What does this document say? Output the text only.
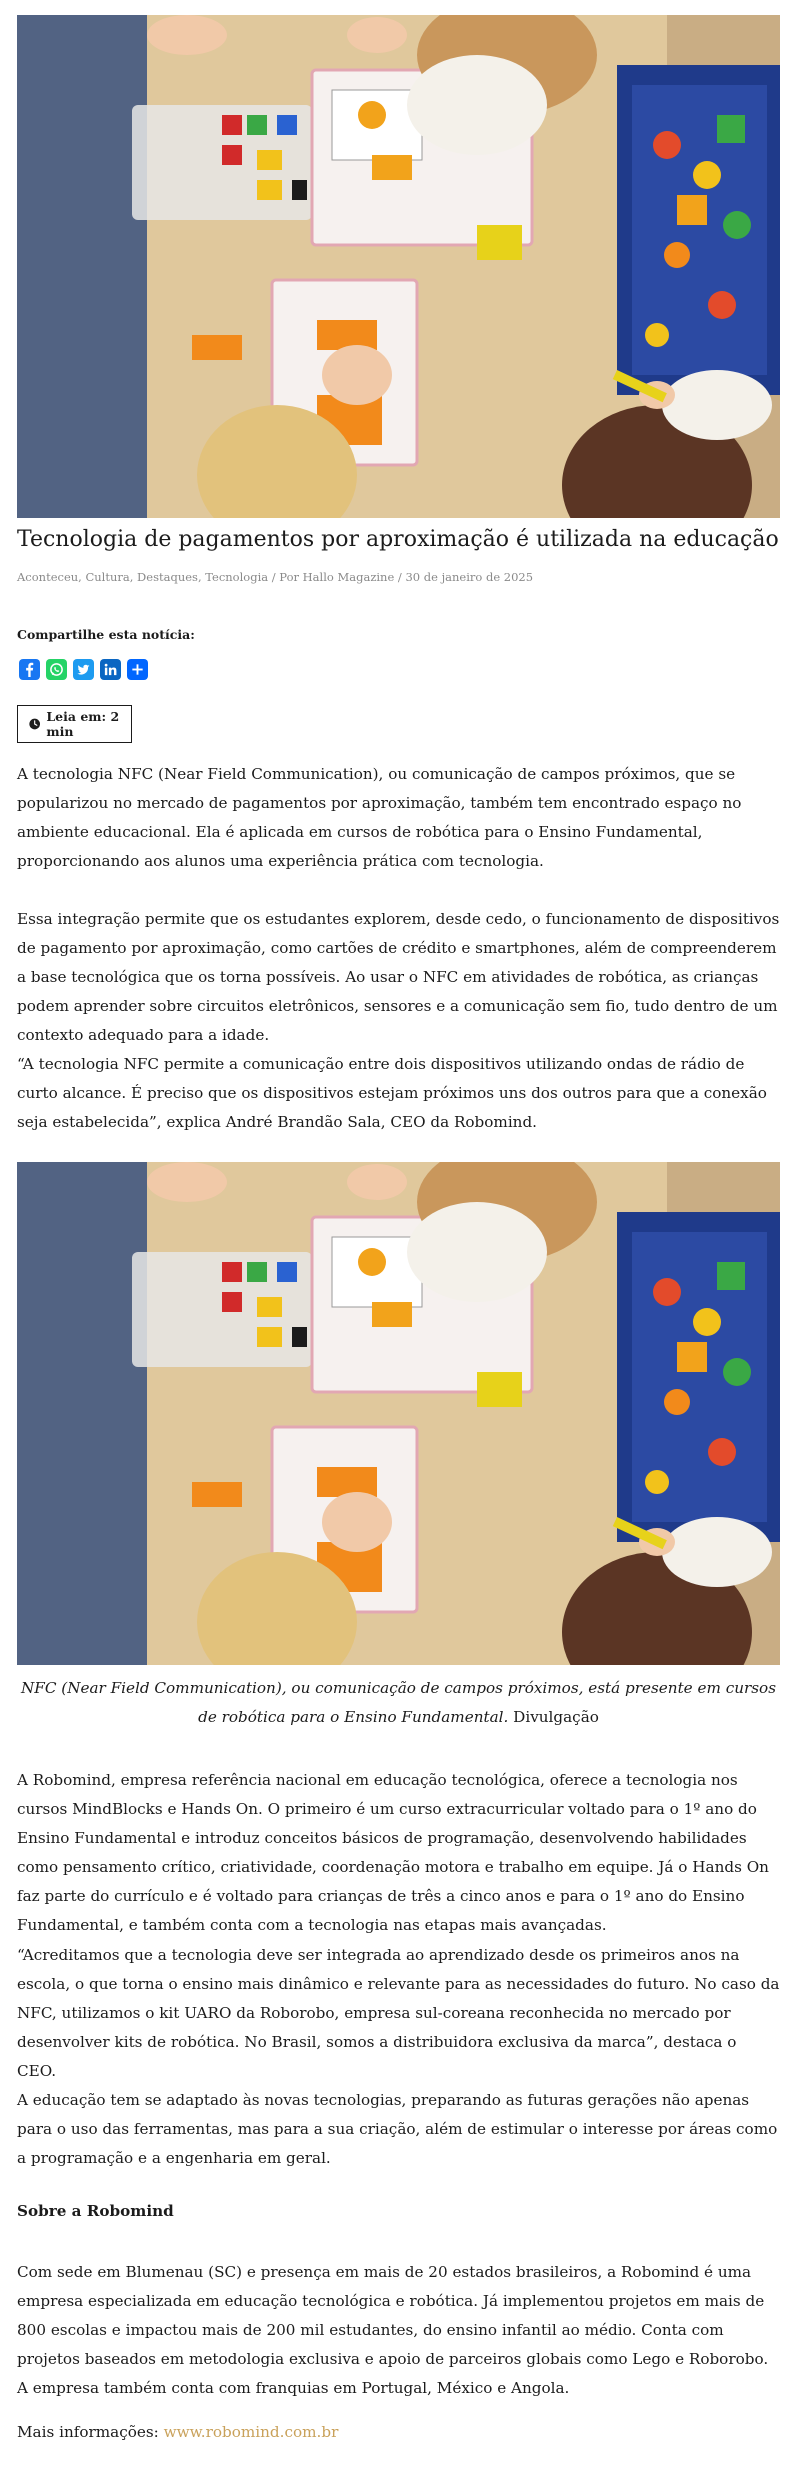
Tecnologia de pagamentos por aproximação é utilizada na educação
Aconteceu, Cultura, Destaques, Tecnologia / Por Hallo Magazine / 30 de janeiro de 2025
Compartilhe esta notícia:
Leia em: 2 min

A tecnologia NFC (Near Field Communication), ou comunicação de campos próximos, que se popularizou no mercado de pagamentos por aproximação, também tem encontrado espaço no ambiente educacional. Ela é aplicada em cursos de robótica para o Ensino Fundamental, proporcionando aos alunos uma experiência prática com tecnologia.

Essa integração permite que os estudantes explorem, desde cedo, o funcionamento de dispositivos de pagamento por aproximação, como cartões de crédito e smartphones, além de compreenderem a base tecnológica que os torna possíveis. Ao usar o NFC em atividades de robótica, as crianças podem aprender sobre circuitos eletrônicos, sensores e a comunicação sem fio, tudo dentro de um contexto adequado para a idade.

“A tecnologia NFC permite a comunicação entre dois dispositivos utilizando ondas de rádio de curto alcance. É preciso que os dispositivos estejam próximos uns dos outros para que a conexão seja estabelecida”, explica André Brandão Sala, CEO da Robomind.

NFC (Near Field Communication), ou comunicação de campos próximos, está presente em cursos de robótica para o Ensino Fundamental. Divulgação

A Robomind, empresa referência nacional em educação tecnológica, oferece a tecnologia nos cursos MindBlocks e Hands On. O primeiro é um curso extracurricular voltado para o 1º ano do Ensino Fundamental e introduz conceitos básicos de programação, desenvolvendo habilidades como pensamento crítico, criatividade, coordenação motora e trabalho em equipe. Já o Hands On faz parte do currículo e é voltado para crianças de três a cinco anos e para o 1º ano do Ensino Fundamental, e também conta com a tecnologia nas etapas mais avançadas.

“Acreditamos que a tecnologia deve ser integrada ao aprendizado desde os primeiros anos na escola, o que torna o ensino mais dinâmico e relevante para as necessidades do futuro. No caso da NFC, utilizamos o kit UARO da Roborobo, empresa sul-coreana reconhecida no mercado por desenvolver kits de robótica. No Brasil, somos a distribuidora exclusiva da marca”, destaca o CEO.

A educação tem se adaptado às novas tecnologias, preparando as futuras gerações não apenas para o uso das ferramentas, mas para a sua criação, além de estimular o interesse por áreas como a programação e a engenharia em geral.

Sobre a Robomind

Com sede em Blumenau (SC) e presença em mais de 20 estados brasileiros, a Robomind é uma empresa especializada em educação tecnológica e robótica. Já implementou projetos em mais de 800 escolas e impactou mais de 200 mil estudantes, do ensino infantil ao médio. Conta com projetos baseados em metodologia exclusiva e apoio de parceiros globais como Lego e Roborobo. A empresa também conta com franquias em Portugal, México e Angola.

Mais informações: www.robomind.com.br
